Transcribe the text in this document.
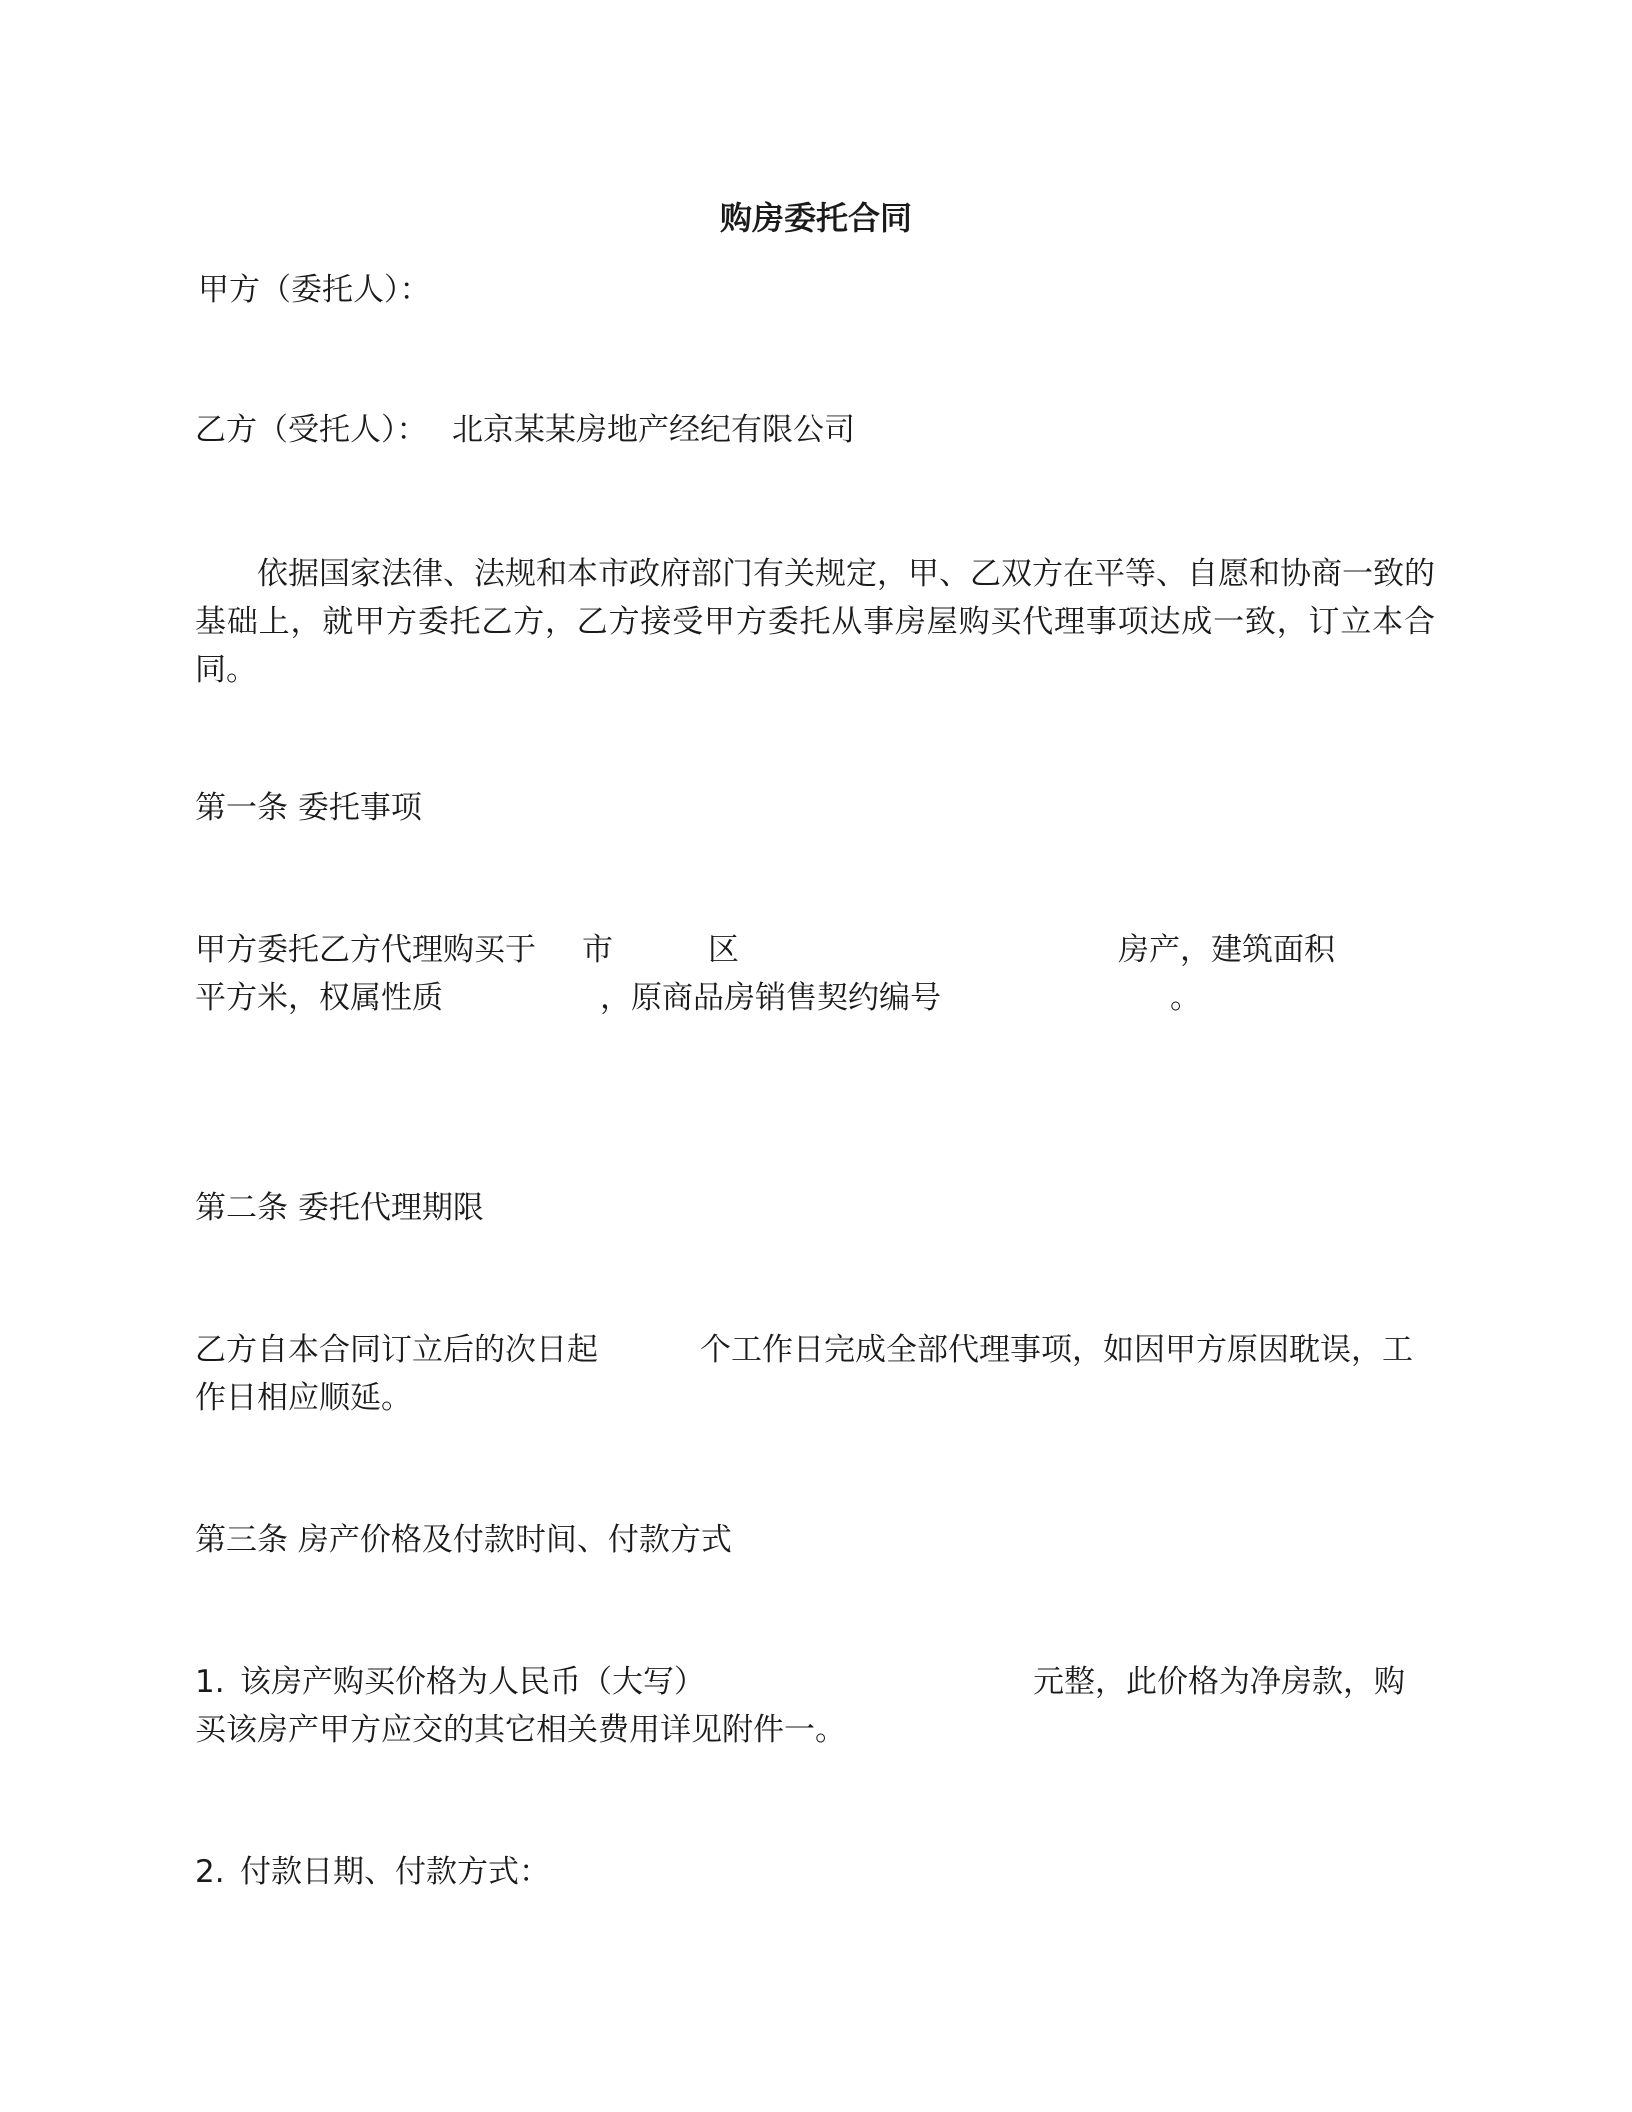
购房委托合同
甲方（委托人）：
乙方（受托人）： 北京某某房地产经纪有限公司
依据国家法律、法规和本市政府部门有关规定，甲、乙双方在平等、自愿和协商一致的基础上，就甲方委托乙方，乙方接受甲方委托从事房屋购买代理事项达成一致，订立本合同。
第一条 委托事项
甲方委托乙方代理购买于 市	区	房产，建筑面积
平方米，权属性质	，原商品房销售契约编号	。
第二条 委托代理期限
乙方自本合同订立后的次日起	个工作日完成全部代理事项，如因甲方原因耽误，工
作日相应顺延。
第三条 房产价格及付款时间、付款方式
1. 该房产购买价格为人民币（大写）	元整，此价格为净房款，购
买该房产甲方应交的其它相关费用详见附件一。
2. 付款日期、付款方式：
